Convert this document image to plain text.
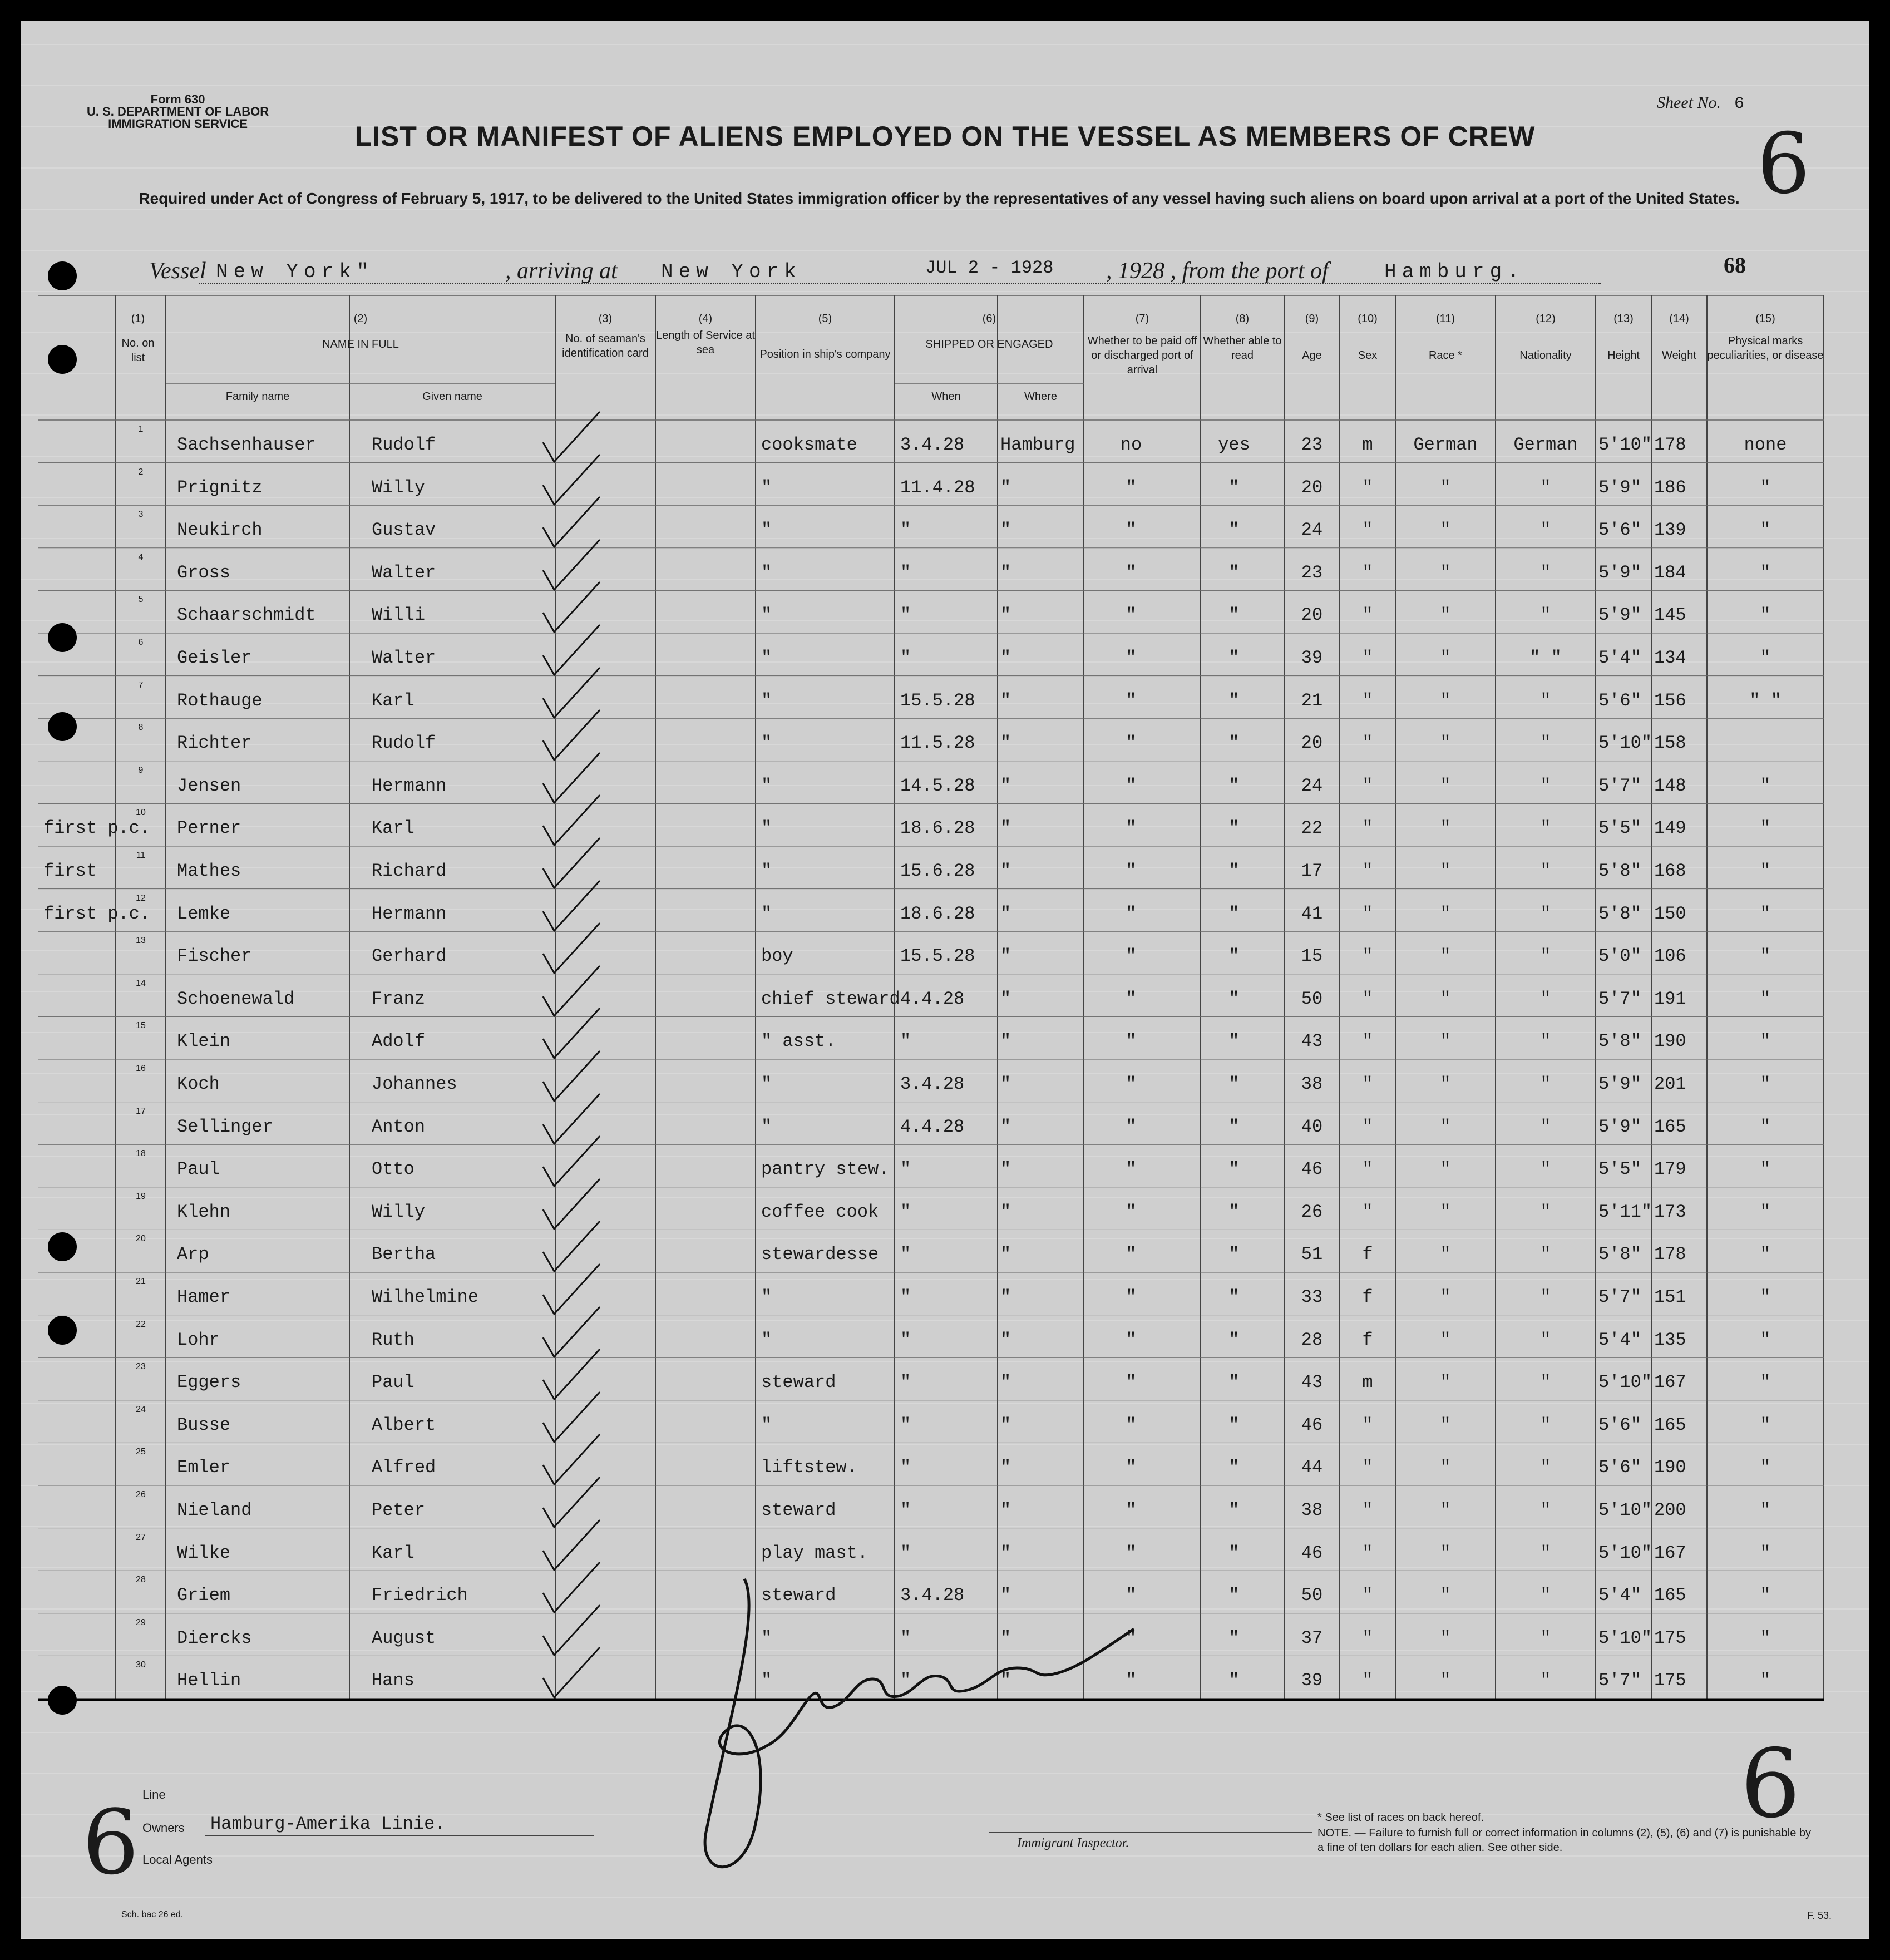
Form 630
U. S. DEPARTMENT OF LABOR
IMMIGRATION SERVICE
Sheet No. 6
6
LIST OR MANIFEST OF ALIENS EMPLOYED ON THE VESSEL AS MEMBERS OF CREW
Required under Act of Congress of February 5, 1917, to be delivered to the United States immigration officer by the representatives of any vessel having such aliens on board upon arrival at a port of the United States.
Vessel New York"	, arriving at New York	JUL 2 - 1928 , 1928 , from the port of	Hamburg.	68
(1)
No. on list
(2)
NAME IN FULL
Family name	Given name
(3)
No. of seaman's identification card
(4)
Length of Service at sea
(5)
Position in ship's company
(6)
SHIPPED OR ENGAGED
When	Where
(7)
Whether to be paid off or discharged port of arrival
(8)
Whether able to read
(9)
Age
(10)
Sex
(11)
Race *
(12)
Nationality
(13)
Height
(14)
Weight
(15)
Physical marks peculiarities, or disease
1
Sachsenhauser	Rudolf	cooksmate 3.4.28 Hamburg	no	yes	23	m	German	German	5'10" 178	none
2
Prignitz	Willy	"	11.4.28 "	"	"	20	"	"	"	5'9" 186	"
3
Neukirch	Gustav	"	"	"	"	"	24	"	"	"	5'6" 139	"
4
Gross	Walter	"	"	"	"	"	23	"	"	"	5'9" 184	"
5
Schaarschmidt	Willi	"	"	"	"	"	20	"	"	"	5'9" 145	"
6
Geisler	Walter	"	"	"	"	"	39	"	"	" "	5'4" 134	"
7
Rothauge	Karl	"	15.5.28 "	"	"	21	"	"	"	5'6" 156	" "
8
Richter	Rudolf	"	11.5.28 "	"	"	20	"	"	"	5'10" 158
9
Jensen	Hermann	"	14.5.28 "	"	"	24	"	"	"	5'7" 148	"
10
Perner	Karl	"	18.6.28 "	"	"	22	"	"	"	5'5" 149	"
11
Mathes	Richard	"	15.6.28 "	"	"	17	"	"	"	5'8" 168	"
12
Lemke	Hermann	"	18.6.28 "	"	"	41	"	"	"	5'8" 150	"
13
Fischer	Gerhard	boy	15.5.28 "	"	"	15	"	"	"	5'0" 106	"
14
Schoenewald	Franz	chief steward 4.4.28 "	"	"	50	"	"	"	5'7" 191	"
15
Klein	Adolf	" asst.	"	"	"	"	43	"	"	"	5'8" 190	"
16
Koch	Johannes	"	3.4.28 "	"	"	38	"	"	"	5'9" 201	"
17
Sellinger	Anton	"	4.4.28 "	"	"	40	"	"	"	5'9" 165	"
18
Paul	Otto	pantry stew. "	"	"	"	46	"	"	"	5'5" 179	"
19
Klehn	Willy	coffee cook "	"	"	"	26	"	"	"	5'11" 173	"
20
Arp	Bertha	stewardesse "	"	"	"	51	f	"	"	5'8" 178	"
21
Hamer	Wilhelmine	"	"	"	"	"	33	f	"	"	5'7" 151	"
22
Lohr	Ruth	"	"	"	"	"	28	f	"	"	5'4" 135	"
23
Eggers	Paul	steward	"	"	"	"	43	m	"	"	5'10" 167	"
24
Busse	Albert	"	"	"	"	"	46	"	"	"	5'6" 165	"
25
Emler	Alfred	liftstew. "	"	"	"	44	"	"	"	5'6" 190	"
26
Nieland	Peter	steward	"	"	"	"	38	"	"	"	5'10" 200	"
27
Wilke	Karl	play mast. "	"	"	"	46	"	"	"	5'10" 167	"
28
Griem	Friedrich	steward	3.4.28 "	"	"	50	"	"	"	5'4" 165	"
29
Diercks	August	"	"	"	"	"	37	"	"	"	5'10" 175	"
30
Hellin	Hans	"	"	"	"	"	39	"	"	"	5'7" 175	"
first p.c.
first
first p.c.
Line
Owners Hamburg-Amerika Linie.
Local Agents
Immigrant Inspector.
* See list of races on back hereof.
NOTE. — Failure to furnish full or correct information in columns (2), (5), (6) and (7) is punishable by a fine of ten dollars for each alien. See other side.
6
6
Sch. bac 26 ed.	F. 53.
